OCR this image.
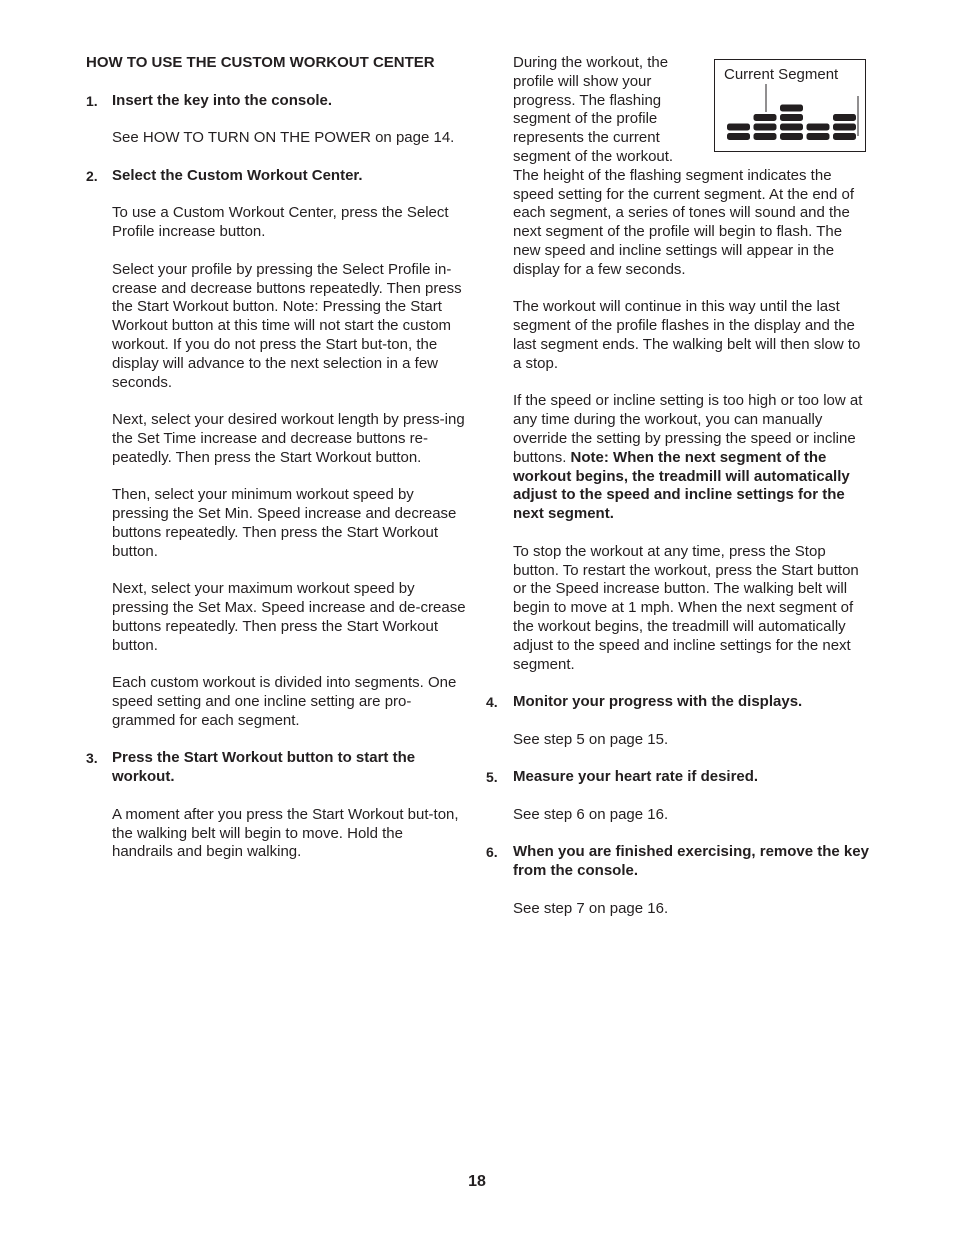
HOW TO USE THE CUSTOM WORKOUT CENTER

1. Insert the key into the console.

See HOW TO TURN ON THE POWER on page 14.

2. Select the Custom Workout Center.

To use a Custom Workout Center, press the Select Profile increase button.

Select your profile by pressing the Select Profile in-crease and decrease buttons repeatedly. Then press the Start Workout button. Note: Pressing the Start Workout button at this time will not start the custom workout. If you do not press the Start but-ton, the display will advance to the next selection in a few seconds.

Next, select your desired workout length by press-ing the Set Time increase and decrease buttons re-peatedly. Then press the Start Workout button.

Then, select your minimum workout speed by pressing the Set Min. Speed increase and decrease buttons repeatedly. Then press the Start Workout button.

Next, select your maximum workout speed by pressing the Set Max. Speed increase and de-crease buttons repeatedly. Then press the Start Workout button.

Each custom workout is divided into segments. One speed setting and one incline setting are pro-grammed for each segment.

3. Press the Start Workout button to start the workout.

A moment after you press the Start Workout but-ton, the walking belt will begin to move. Hold the handrails and begin walking.

During the workout, the profile will show your progress. The flashing segment of the profile represents the current segment of the workout.

The height of the flashing segment indicates the speed setting for the current segment. At the end of each segment, a series of tones will sound and the next segment of the profile will begin to flash. The new speed and incline settings will appear in the display for a few seconds.

The workout will continue in this way until the last segment of the profile flashes in the display and the last segment ends. The walking belt will then slow to a stop.

If the speed or incline setting is too high or too low at any time during the workout, you can manually override the setting by pressing the speed or incline buttons. Note: When the next segment of the workout begins, the treadmill will automatically adjust to the speed and incline settings for the next segment.

To stop the workout at any time, press the Stop button. To restart the workout, press the Start button or the Speed increase button. The walking belt will begin to move at 1 mph. When the next segment of the workout begins, the treadmill will automatically adjust to the speed and incline settings for the next segment.

4. Monitor your progress with the displays.

See step 5 on page 15.

5. Measure your heart rate if desired.

See step 6 on page 16.

6. When you are finished exercising, remove the key from the console.

See step 7 on page 16.

Current Segment
18
